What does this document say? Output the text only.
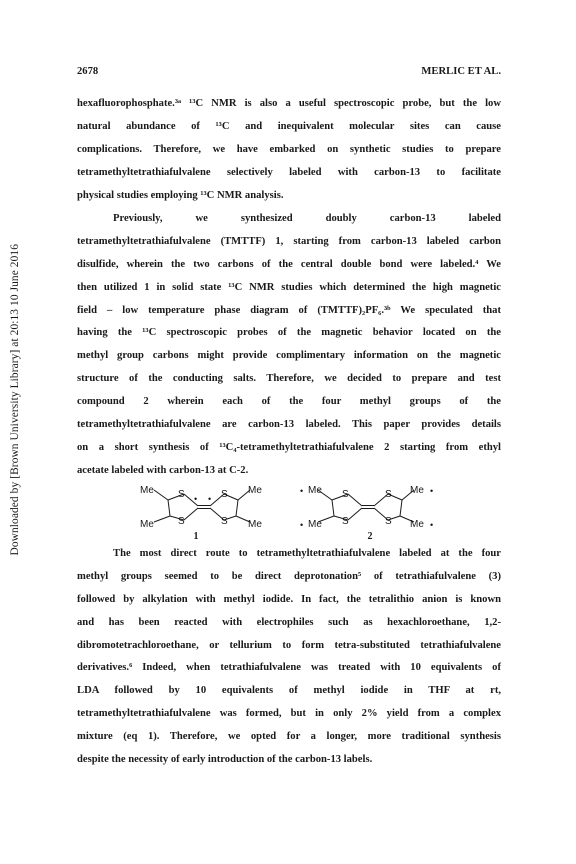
Downloaded by [Brown University Library] at 20:13 10 June 2016
2678	MERLIC ET AL.

hexafluorophosphate.³ᵃ ¹³C NMR is also a useful spectroscopic probe, but the low
natural abundance of ¹³C and inequivalent molecular sites can cause
complications. Therefore, we have embarked on synthetic studies to prepare
tetramethyltetrathiafulvalene selectively labeled with carbon-13 to facilitate
physical studies employing ¹³C NMR analysis.

Previously, we synthesized doubly carbon-13 labeled
tetramethyltetrathiafulvalene (TMTTF) 1, starting from carbon-13 labeled carbon
disulfide, wherein the two carbons of the central double bond were labeled.⁴ We
then utilized 1 in solid state ¹³C NMR studies which determined the high magnetic
field – low temperature phase diagram of (TMTTF)₂PF₆.³ᵇ We speculated that
having the ¹³C spectroscopic probes of the magnetic behavior located on the
methyl group carbons might provide complimentary information on the magnetic
structure of the conducting salts. Therefore, we decided to prepare and test
compound 2 wherein each of the four methyl groups of the
tetramethyltetrathiafulvalene are carbon-13 labeled. This paper provides details
on a short synthesis of ¹³C₄-tetramethyltetrathiafulvalene 2 starting from ethyl
acetate labeled with carbon-13 at C-2.

Me
Me
Me
Me
S
S
S
S
• •
1
•
•
Me
Me
Me
Me
•
•
S
S
S
S
2

The most direct route to tetramethyltetrathiafulvalene labeled at the four
methyl groups seemed to be direct deprotonation⁵ of tetrathiafulvalene (3)
followed by alkylation with methyl iodide. In fact, the tetralithio anion is known
and has been reacted with electrophiles such as hexachloroethane, 1,2-
dibromotetrachloroethane, or tellurium to form tetra-substituted tetrathiafulvalene
derivatives.⁶ Indeed, when tetrathiafulvalene was treated with 10 equivalents of
LDA followed by 10 equivalents of methyl iodide in THF at rt,
tetramethyltetrathiafulvalene was formed, but in only 2% yield from a complex
mixture (eq 1). Therefore, we opted for a longer, more traditional synthesis
despite the necessity of early introduction of the carbon-13 labels.
